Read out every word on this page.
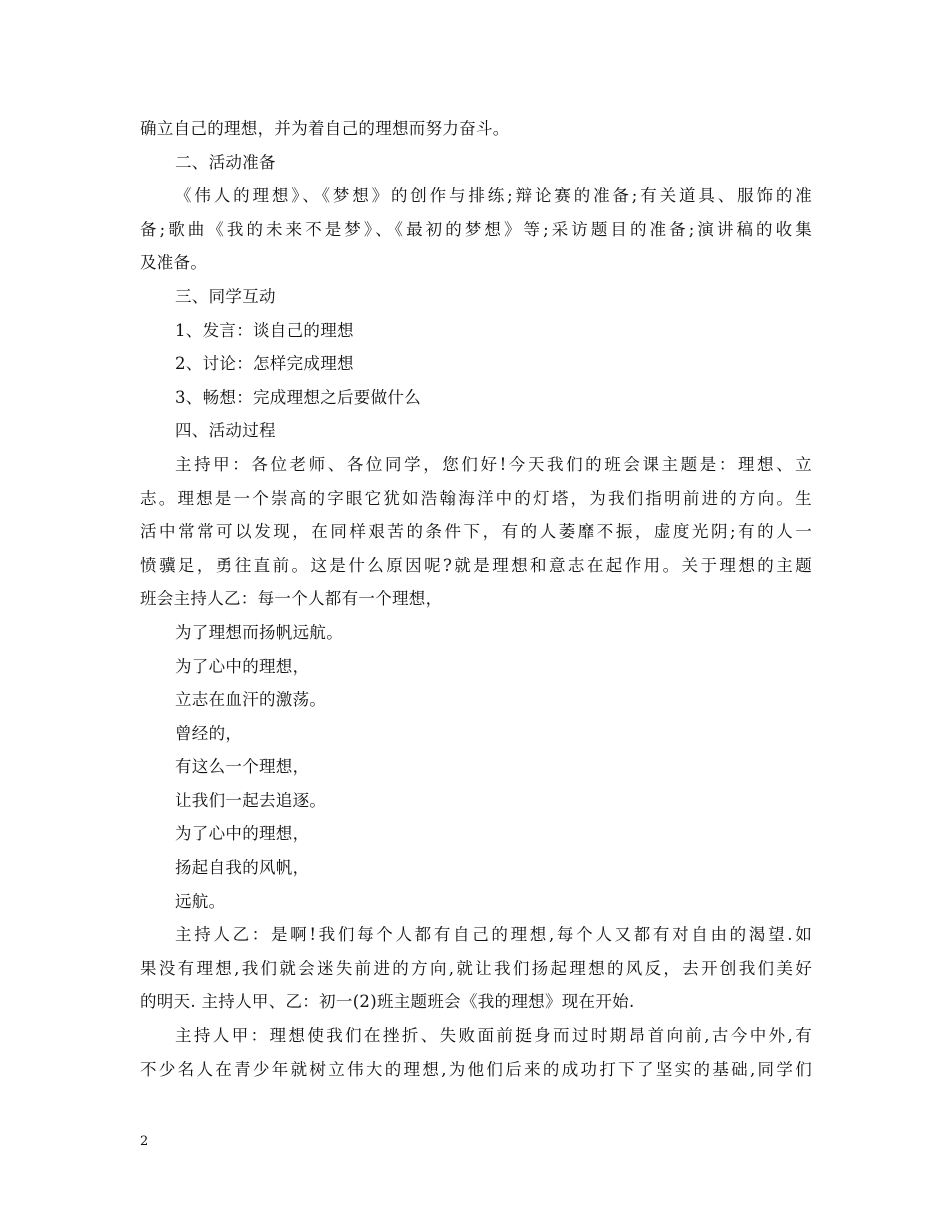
确立自己的理想，并为着自己的理想而努力奋斗。
二、活动准备
《伟人的理想》、《梦想》的创作与排练;辩论赛的准备;有关道具、服饰的准
备;歌曲《我的未来不是梦》、《最初的梦想》等;采访题目的准备;演讲稿的收集
及准备。
三、同学互动
1、发言：谈自己的理想
2、讨论：怎样完成理想
3、畅想：完成理想之后要做什么
四、活动过程
主持甲：各位老师、各位同学，您们好!今天我们的班会课主题是：理想、立
志。理想是一个崇高的字眼它犹如浩翰海洋中的灯塔，为我们指明前进的方向。生
活中常常可以发现，在同样艰苦的条件下，有的人萎靡不振，虚度光阴;有的人一
愤骥足，勇往直前。这是什么原因呢?就是理想和意志在起作用。关于理想的主题
班会主持人乙：每一个人都有一个理想，
为了理想而扬帆远航。
为了心中的理想，
立志在血汗的激荡。
曾经的，
有这么一个理想，
让我们一起去追逐。
为了心中的理想，
扬起自我的风帆，
远航。
主持人乙：是啊!我们每个人都有自己的理想,每个人又都有对自由的渴望.如
果没有理想,我们就会迷失前进的方向,就让我们扬起理想的风反，去开创我们美好
的明天. 主持人甲、乙：初一(2)班主题班会《我的理想》现在开始.
主持人甲：理想使我们在挫折、失败面前挺身而过时期昂首向前,古今中外,有
不少名人在青少年就树立伟大的理想,为他们后来的成功打下了坚实的基础,同学们
2
